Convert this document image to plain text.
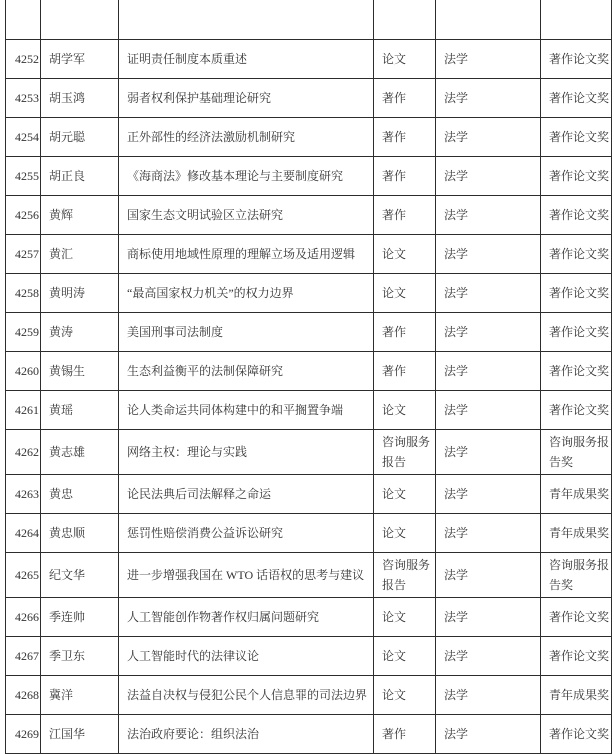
4252	胡学军	证明责任制度本质重述	论文	法学	著作论文奖
4253	胡玉鸿	弱者权利保护基础理论研究	著作	法学	著作论文奖
4254	胡元聪	正外部性的经济法激励机制研究	著作	法学	著作论文奖
4255	胡正良	《海商法》修改基本理论与主要制度研究	著作	法学	著作论文奖
4256	黄辉	国家生态文明试验区立法研究	著作	法学	著作论文奖
4257	黄汇	商标使用地域性原理的理解立场及适用逻辑	论文	法学	著作论文奖
4258	黄明涛	“最高国家权力机关”的权力边界	论文	法学	著作论文奖
4259	黄涛	美国刑事司法制度	著作	法学	著作论文奖
4260	黄锡生	生态利益衡平的法制保障研究	著作	法学	著作论文奖
4261	黄瑶	论人类命运共同体构建中的和平搁置争端	论文	法学	著作论文奖
4262	黄志雄	网络主权：理论与实践	咨询服务报告	法学	咨询服务报告奖
4263	黄忠	论民法典后司法解释之命运	论文	法学	青年成果奖
4264	黄忠顺	惩罚性赔偿消费公益诉讼研究	论文	法学	青年成果奖
4265	纪文华	进一步增强我国在 WTO 话语权的思考与建议	咨询服务报告	法学	咨询服务报告奖
4266	季连帅	人工智能创作物著作权归属问题研究	论文	法学	著作论文奖
4267	季卫东	人工智能时代的法律议论	论文	法学	著作论文奖
4268	冀洋	法益自决权与侵犯公民个人信息罪的司法边界	论文	法学	青年成果奖
4269	江国华	法治政府要论：组织法治	著作	法学	著作论文奖
